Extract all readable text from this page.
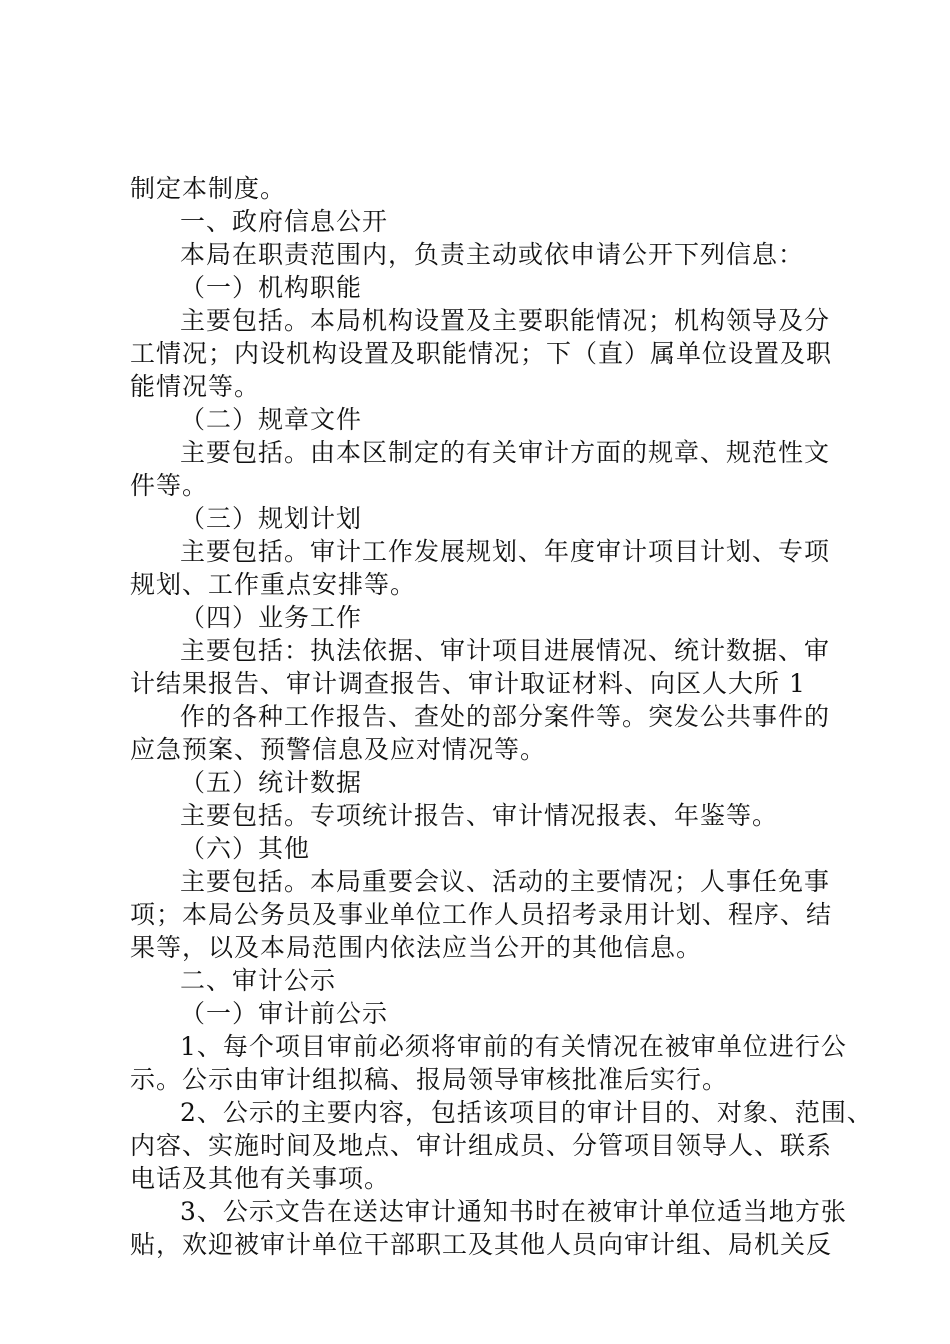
制定本制度。

一、政府信息公开

本局在职责范围内，负责主动或依申请公开下列信息：

（一）机构职能

主要包括。本局机构设置及主要职能情况；机构领导及分

工情况；内设机构设置及职能情况；下（直）属单位设置及职

能情况等。

（二）规章文件

主要包括。由本区制定的有关审计方面的规章、规范性文

件等。

（三）规划计划

主要包括。审计工作发展规划、年度审计项目计划、专项

规划、工作重点安排等。

（四）业务工作

主要包括：执法依据、审计项目进展情况、统计数据、审

计结果报告、审计调查报告、审计取证材料、向区人大所 1

作的各种工作报告、查处的部分案件等。突发公共事件的

应急预案、预警信息及应对情况等。

（五）统计数据

主要包括。专项统计报告、审计情况报表、年鉴等。

（六）其他

主要包括。本局重要会议、活动的主要情况；人事任免事

项；本局公务员及事业单位工作人员招考录用计划、程序、结

果等，以及本局范围内依法应当公开的其他信息。

二、审计公示

（一）审计前公示

1、每个项目审前必须将审前的有关情况在被审单位进行公

示。公示由审计组拟稿、报局领导审核批准后实行。

2、公示的主要内容，包括该项目的审计目的、对象、范围、

内容、实施时间及地点、审计组成员、分管项目领导人、联系

电话及其他有关事项。

3、公示文告在送达审计通知书时在被审计单位适当地方张

贴，欢迎被审计单位干部职工及其他人员向审计组、局机关反
